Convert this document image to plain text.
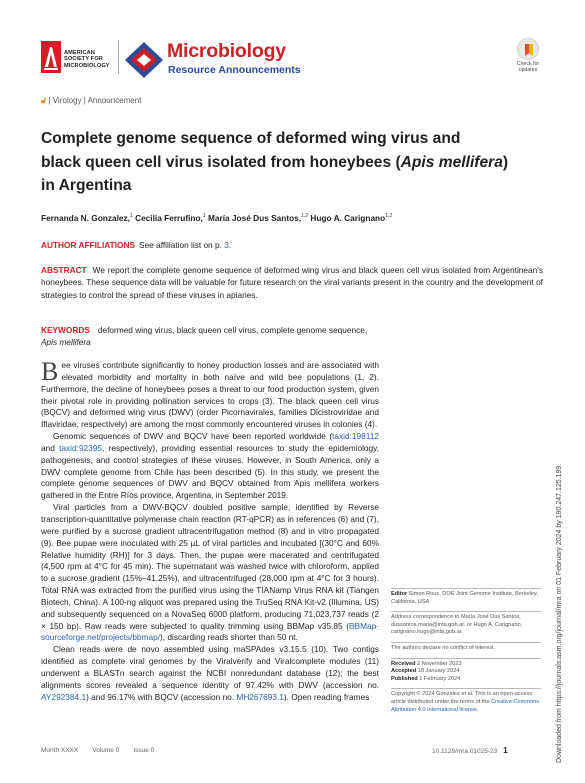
AMERICAN
SOCIETY FOR
MICROBIOLOGY
Microbiology
Resource Announcements	Check for
updates
🔓︎ | Virology | Announcement
Complete genome sequence of deformed wing virus and
black queen cell virus isolated from honeybees (Apis mellifera)
in Argentina
Fernanda N. Gonzalez,$^1$ Cecilia Ferrufino,$^1$ María José Dus Santos,$^{1,2}$ Hugo A. Carignano$^{1,2}$
AUTHOR AFFILIATIONS See affiliation list on p. 3.
ABSTRACT We report the complete genome sequence of deformed wing virus and black queen cell virus isolated from Argentinean's honeybees. These sequence data will be valuable for future research on the viral variants present in the country and the development of strategies to control the spread of these viruses in apiaries.
KEYWORDS deformed wing virus, black queen cell virus, complete genome sequence,
Apis mellifera

Bee viruses contribute significantly to honey production losses and are associated with elevated morbidity and mortality in both naïve and wild bee populations (1, 2). Furthermore, the decline of honeybees poses a threat to our food production system, given their pivotal role in providing pollination services to crops (3). The black queen cell virus (BQCV) and deformed wing virus (DWV) (order Picornavirales, families Dicistroviridae and Iflaviridae, respectively) are among the most commonly encountered viruses in colonies (4).

Genomic sequences of DWV and BQCV have been reported worldwide (taxid:198112 and taxid:92395, respectively), providing essential resources to study the epidemiology, pathogenesis, and control strategies of these viruses. However, in South America, only a DWV complete genome from Chile has been described (5). In this study, we present the complete genome sequences of DWV and BQCV obtained from Apis mellifera workers gathered in the Entre Ríos province, Argentina, in September 2019.

Viral particles from a DWV-BQCV doubled positive sample, identified by Reverse transcription-quantitative polymerase chain reaction (RT-qPCR) as in references (6) and (7), were purified by a sucrose gradient ultracentrifugation method (8) and in vitro propagated (9). Bee pupae were inoculated with 25 µL of viral particles and incubated [(30°C and 60% Relative humidity (RH)] for 3 days. Then, the pupae were macerated and centrifugated (4,500 rpm at 4°C for 45 min). The supernatant was washed twice with chloroform, applied to a sucrose gradient (15%–41.25%), and ultracentrifuged (28,000 rpm at 4°C for 3 hours). Total RNA was extracted from the purified virus using the TIANamp Virus RNA kit (Tiangen Biotech, China). A 100-ng aliquot was prepared using the TruSeq RNA Kit-v2 (Illumina, US) and subsequently sequenced on a NovaSeq 6000 platform, producing 71,023,737 reads (2 × 150 bp). Raw reads were subjected to quality trimming using BBMap v35.85 (BBMap-sourceforge.net/projects/bbmap/), discarding reads shorter than 50 nt.

Clean reads were de novo assembled using rnaSPAdes v3.15.5 (10). Two contigs identified as complete viral genomes by the Viralverify and Viralcomplete modules (11) underwent a BLASTn search against the NCBI nonredundant database (12); the best alignments scores revealed a sequence identity of 97.42% with DWV (accession no. AY292384.1) and 96.17% with BQCV (accession no. MH267693.1). Open reading frames

Editor Simon Roux, DOE Joint Genome Institute, Berkeley, California, USA
Address correspondence to María José Dus Santos, dussantos.maria@inta.gob.ar, or Hugo A. Carignano, carignano.hugo@inta.gob.ar.
The authors declare no conflict of interest.
Received 2 November 2023
Accepted 18 January 2024
Published 1 February 2024
Copyright © 2024 Gonzalez et al. This is an open-access article distributed under the terms of the Creative Commons Attribution 4.0 International license.	Downloaded from https://journals.asm.org/journal/mra on 01 February 2024 by 190.247.125.199.
Month XXXX Volume 0 Issue 0	10.1128/mra.01025-23 1
